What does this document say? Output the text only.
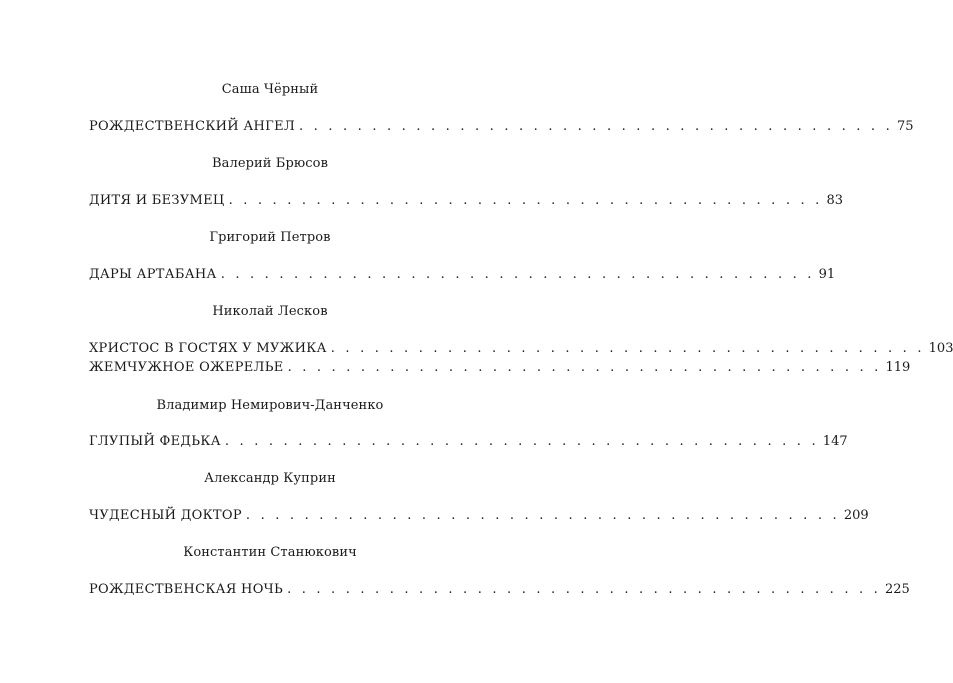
Саша Чёрный
РОЖДЕСТВЕНСКИЙ АНГЕЛ . . . . . . . . . . . . . . . . . . . . . . . . . . . . . . . . . . . . . . . . . 75
Валерий Брюсов
ДИТЯ И БЕЗУМЕЦ . . . . . . . . . . . . . . . . . . . . . . . . . . . . . . . . . . . . . . . . . 83
Григорий Петров
ДАРЫ АРТАБАНА . . . . . . . . . . . . . . . . . . . . . . . . . . . . . . . . . . . . . . . . . 91
Николай Лесков
ХРИСТОС В ГОСТЯХ У МУЖИКА . . . . . . . . . . . . . . . . . . . . . . . . . . . . . . . . . . . . . . . . . 103
ЖЕМЧУЖНОЕ ОЖЕРЕЛЬЕ . . . . . . . . . . . . . . . . . . . . . . . . . . . . . . . . . . . . . . . . . 119
Владимир Немирович-Данченко
ГЛУПЫЙ ФЕДЬКА . . . . . . . . . . . . . . . . . . . . . . . . . . . . . . . . . . . . . . . . . 147
Александр Куприн
ЧУДЕСНЫЙ ДОКТОР . . . . . . . . . . . . . . . . . . . . . . . . . . . . . . . . . . . . . . . . . 209
Константин Станюкович
РОЖДЕСТВЕНСКАЯ НОЧЬ . . . . . . . . . . . . . . . . . . . . . . . . . . . . . . . . . . . . . . . . . 225
